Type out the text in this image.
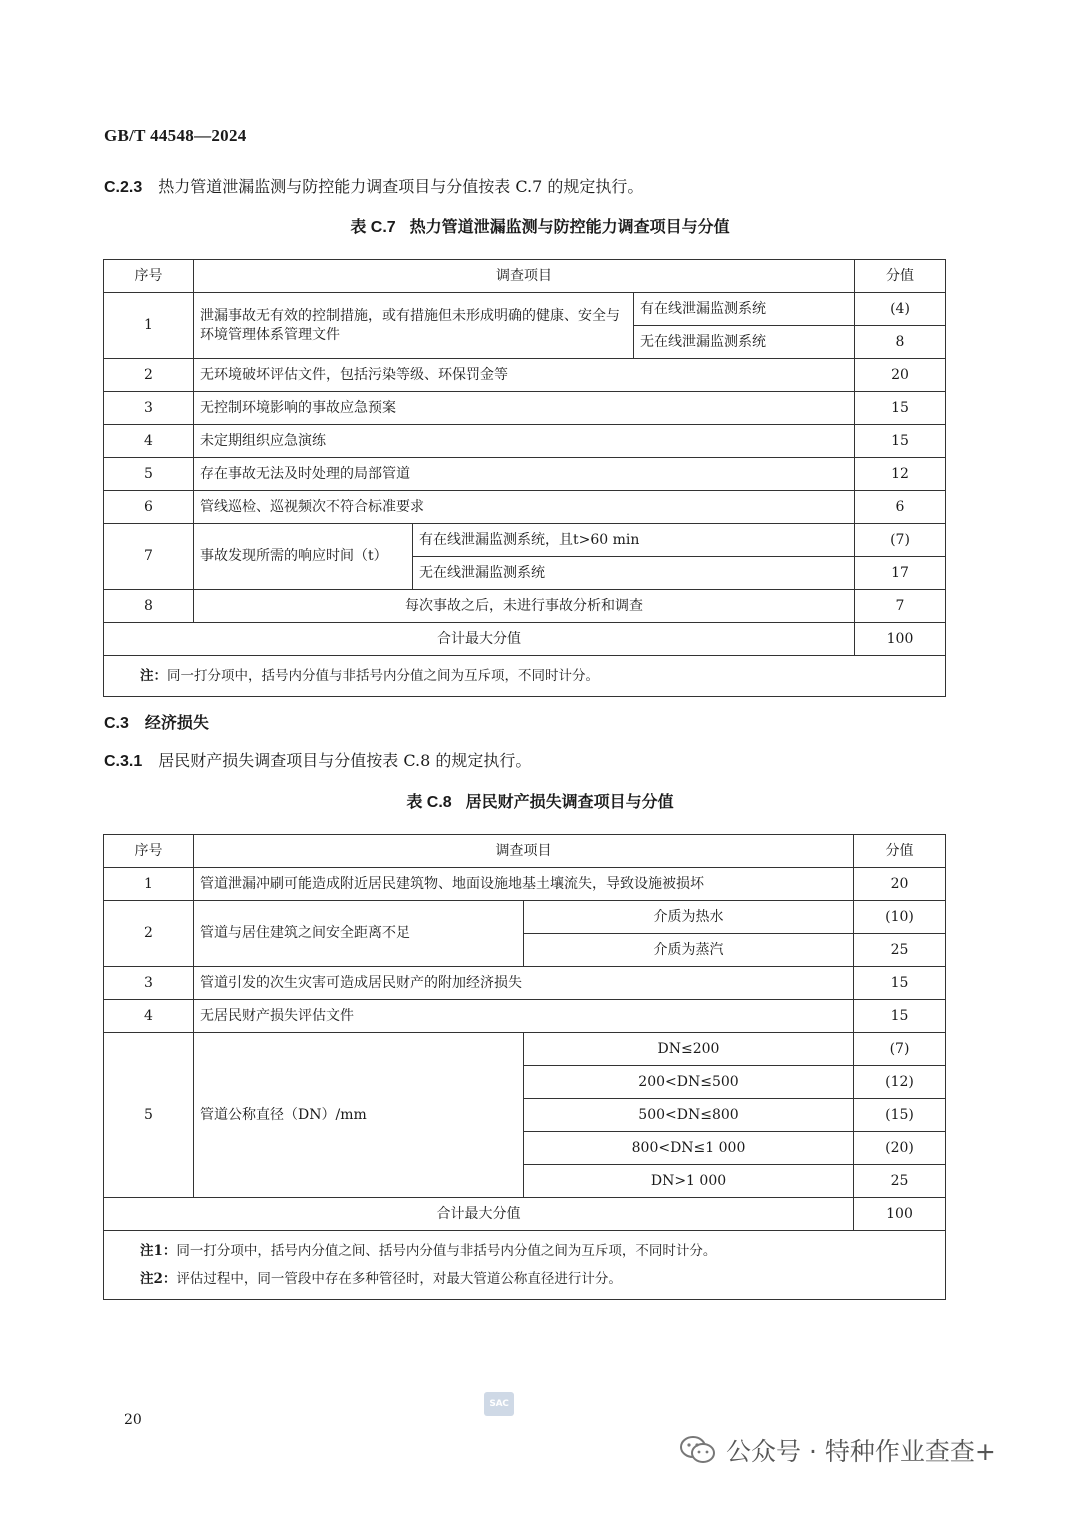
GB/T 44548—2024
C.2.3 热力管道泄漏监测与防控能力调查项目与分值按表 C.7 的规定执行。
表 C.7 热力管道泄漏监测与防控能力调查项目与分值
序号	调查项目			分值
1	泄漏事故无有效的控制措施，或有措施但未形成明确的健康、安全与环境管理体系管理文件		有在线泄漏监测系统	(4)
			无在线泄漏监测系统	8
2	无环境破坏评估文件，包括污染等级、环保罚金等			20
3	无控制环境影响的事故应急预案			15
4	未定期组织应急演练			15
5	存在事故无法及时处理的局部管道			12
6	管线巡检、巡视频次不符合标准要求			6
7	事故发现所需的响应时间（t）	有在线泄漏监测系统，且t>60 min		(7)
		无在线泄漏监测系统		17
8	每次事故之后，未进行事故分析和调查			7
合计最大分值				100

注：同一打分项中，括号内分值与非括号内分值之间为互斥项，不同时计分。				
C.3 经济损失
C.3.1 居民财产损失调查项目与分值按表 C.8 的规定执行。
表 C.8 居民财产损失调查项目与分值
序号	调查项目		分值
1	管道泄漏冲刷可能造成附近居民建筑物、地面设施地基土壤流失，导致设施被损坏		20
2	管道与居住建筑之间安全距离不足	介质为热水	(10)
		介质为蒸汽	25
3	管道引发的次生灾害可造成居民财产的附加经济损失		15
4	无居民财产损失评估文件		15
5	管道公称直径（DN）/mm	DN≤200	(7)
		200<DN≤500	(12)
		500<DN≤800	(15)
		800<DN≤1 000	(20)
		DN>1 000	25
合计最大分值			100

注1：同一打分项中，括号内分值之间、括号内分值与非括号内分值之间为互斥项，不同时计分。
注2：评估过程中，同一管段中存在多种管径时，对最大管道公称直径进行计分。			
SAC
20
公众号 · 特种作业查查+
